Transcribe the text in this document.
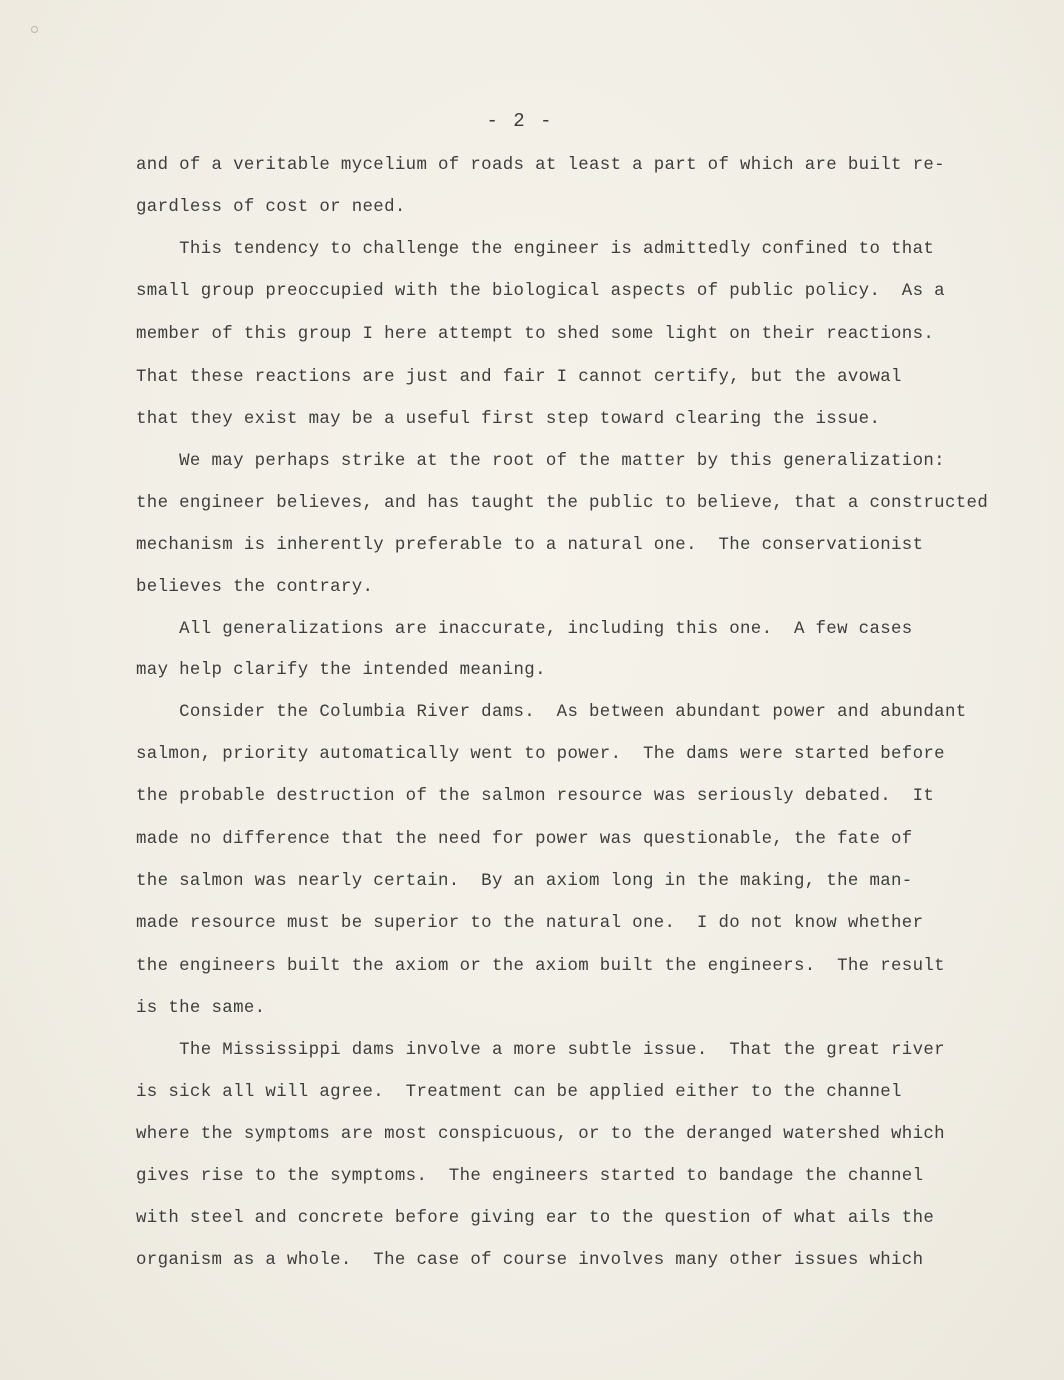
- 2 -
and of a veritable mycelium of roads at least a part of which are built re-
gardless of cost or need.
This tendency to challenge the engineer is admittedly confined to that
small group preoccupied with the biological aspects of public policy.  As a
member of this group I here attempt to shed some light on their reactions.
That these reactions are just and fair I cannot certify, but the avowal
that they exist may be a useful first step toward clearing the issue.
We may perhaps strike at the root of the matter by this generalization:
the engineer believes, and has taught the public to believe, that a constructed
mechanism is inherently preferable to a natural one.  The conservationist
believes the contrary.
All generalizations are inaccurate, including this one.  A few cases
may help clarify the intended meaning.
Consider the Columbia River dams.  As between abundant power and abundant
salmon, priority automatically went to power.  The dams were started before
the probable destruction of the salmon resource was seriously debated.  It
made no difference that the need for power was questionable, the fate of
the salmon was nearly certain.  By an axiom long in the making, the man-
made resource must be superior to the natural one.  I do not know whether
the engineers built the axiom or the axiom built the engineers.  The result
is the same.
The Mississippi dams involve a more subtle issue.  That the great river
is sick all will agree.  Treatment can be applied either to the channel
where the symptoms are most conspicuous, or to the deranged watershed which
gives rise to the symptoms.  The engineers started to bandage the channel
with steel and concrete before giving ear to the question of what ails the
organism as a whole.  The case of course involves many other issues which
